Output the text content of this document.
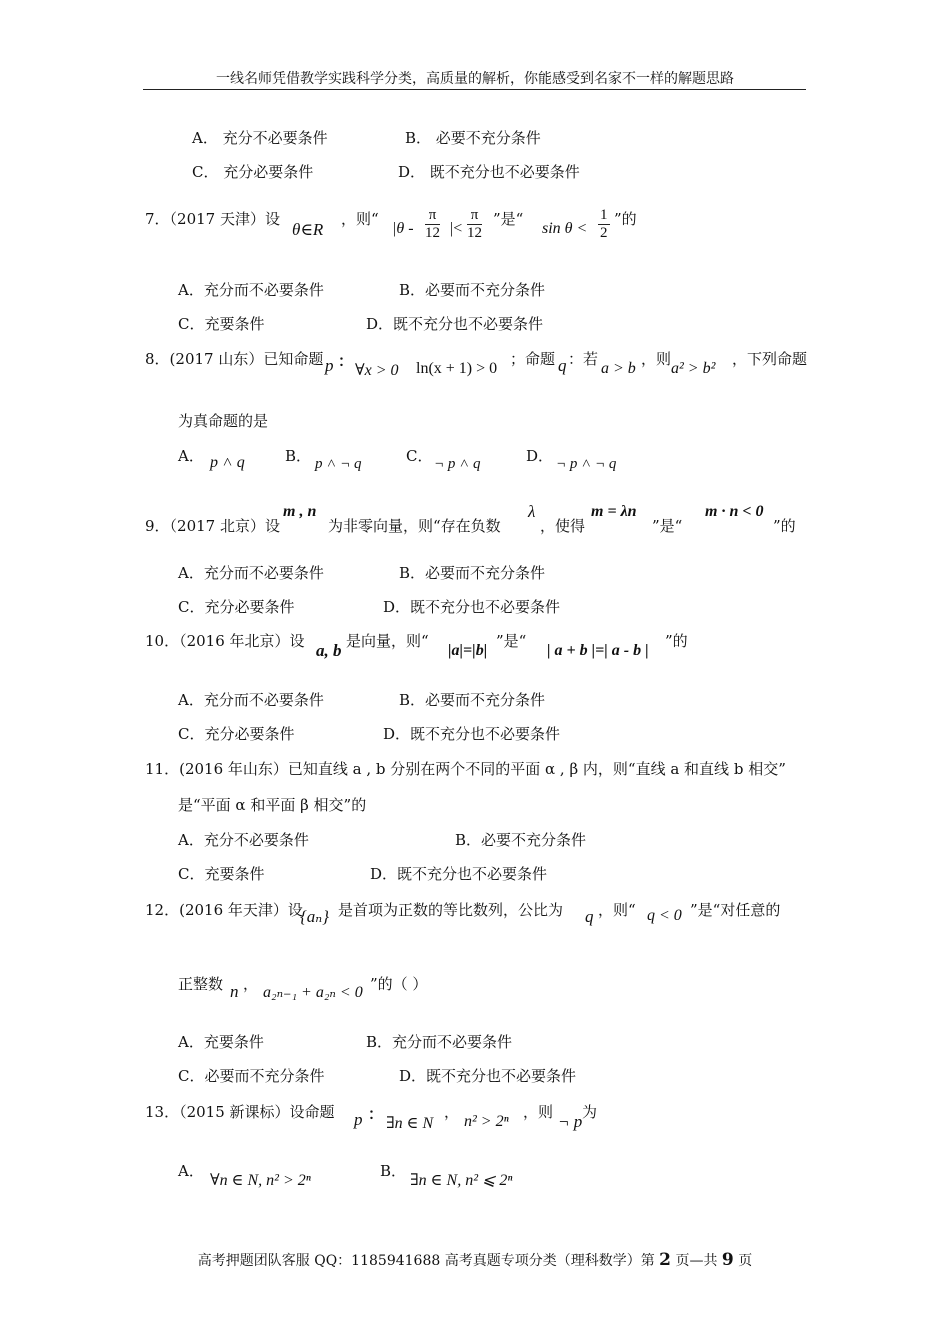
一线名师凭借教学实践科学分类，高质量的解析，你能感受到名家不一样的解题思路
A． 充分不必要条件	B． 必要不充分条件
C． 充分必要条件	D． 既不充分也不必要条件
7．（2017 天津）设
θ∈R
，则“
$|\theta - \frac{\pi}{12}$ |< $\frac{\pi}{12}$ ”是“
$\sin \theta < \frac{1}{2}$ ”的
A．充分而不必要条件	B．必要而不充分条件
C．充要条件	D．既不充分也不必要条件
8．(2017 山东）已知命题 p ：
∀x > 0 ln(x + 1) > 0
；命题 q ：若
a > b
，则
a² > b²
，下列命题
为真命题的是
A． p ˄ q	B． p ˄ ¬ q	C． ¬ p ˄ q	D． ¬ p ˄ ¬ q
9．（2017 北京）设
m , n
为非零向量，则“存在负数
λ
，使得
m = λn
”是“
m · n < 0
”的
A．充分而不必要条件	B．必要而不充分条件
C．充分必要条件	D．既不充分也不必要条件
10．（2016 年北京）设 a, b 是向量，则“
|a|=|b|
”是“
| a + b |=| a - b |
”的
A．充分而不必要条件	B．必要而不充分条件
C．充分必要条件	D．既不充分也不必要条件
11．(2016 年山东）已知直线 a , b 分别在两个不同的平面 α , β 内，则“直线 a 和直线 b 相交”
是“平面 α 和平面 β 相交”的
A．充分不必要条件	B．必要不充分条件
C．充要条件	D．既不充分也不必要条件
12．(2016 年天津）设
{aₙ} 是首项为正数的等比数列，公比为 q ，则“ q < 0 ”是“对任意的
正整数 n ， a₂ₙ₋₁ + a₂ₙ < 0 ”的（ ）
A．充要条件	B．充分而不必要条件
C．必要而不充分条件	D．既不充分也不必要条件
13．（2015 新课标）设命题 p ：
∃n ∈ N
，
n² > 2ⁿ
，则 ¬ p 为
A．
∀n ∈ N, n² > 2ⁿ
B．
∃n ∈ N, n² ⩽ 2ⁿ
高考押题团队客服 QQ：1185941688 高考真题专项分类（理科数学）第 2 页—共 9 页
